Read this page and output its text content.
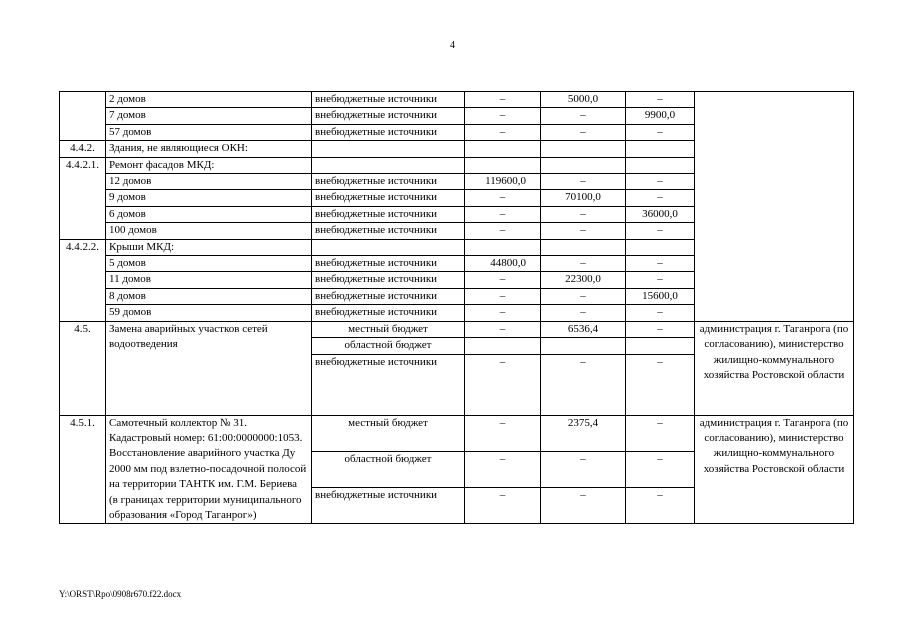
4
	2 домов	внебюджетные источники	–	5000,0	–	
	7 домов	внебюджетные источники	–	–	9900,0	
	57 домов	внебюджетные источники	–	–	–	
4.4.2.	Здания, не являющиеся ОКН:					
4.4.2.1.	Ремонт фасадов МКД:					
	12 домов	внебюджетные источники	119600,0	–	–	
	9 домов	внебюджетные источники	–	70100,0	–	
	6 домов	внебюджетные источники	–	–	36000,0	
	100 домов	внебюджетные источники	–	–	–	
4.4.2.2.	Крыши МКД:					
	5 домов	внебюджетные источники	44800,0	–	–	
	11 домов	внебюджетные источники	–	22300,0	–	
	8 домов	внебюджетные источники	–	–	15600,0	
	59 домов	внебюджетные источники	–	–	–	
4.5.	Замена аварийных участков сетей водоотведения	местный бюджет	–	6536,4	–	администрация г. Таганрога (по согласованию), министерство жилищно-коммунального хозяйства Ростовской области
		областной бюджет				
		внебюджетные источники	–	–	–	
4.5.1.	Самотечный коллектор № 31. Кадастровый номер: 61:00:0000000:1053. Восстановление аварийного участка Ду 2000 мм под взлетно-посадочной полосой на территории ТАНТК им. Г.М. Бериева (в границах территории муниципального образования «Город Таганрог»)	местный бюджет	–	2375,4	–	администрация г. Таганрога (по согласованию), министерство жилищно-коммунального хозяйства Ростовской области
		областной бюджет	–	–	–	
		внебюджетные источники	–	–	–	
Y:\ORST\Rpo\0908r670.f22.docx
